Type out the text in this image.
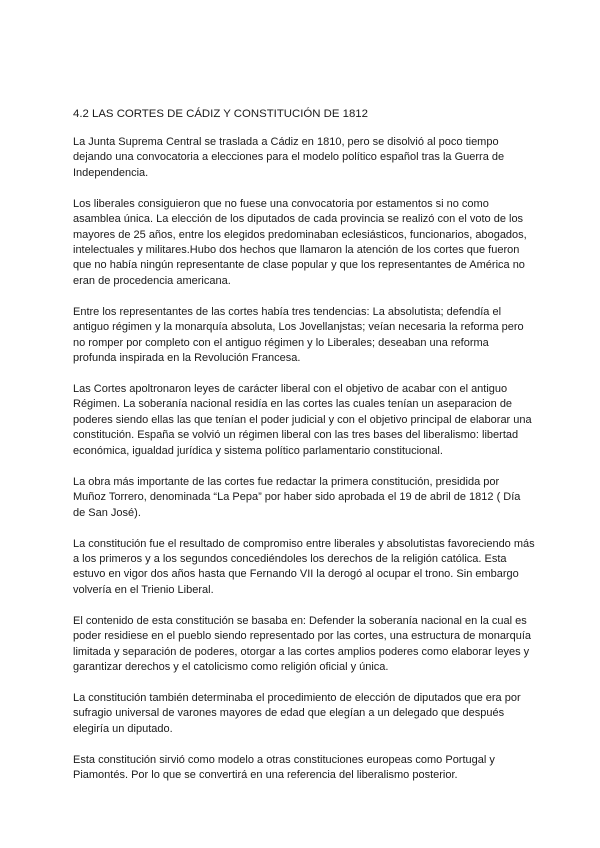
4.2 LAS CORTES DE CÁDIZ Y CONSTITUCIÓN DE 1812

La Junta Suprema Central se traslada a Cádiz en 1810, pero se disolvió al poco tiempo dejando una convocatoria a elecciones para el modelo político español tras la Guerra de Independencia.

Los liberales consiguieron que no fuese una convocatoria por estamentos si no como asamblea única. La elección de los diputados de cada provincia se realizó con el voto de los mayores de 25 años, entre los elegidos predominaban eclesiásticos, funcionarios, abogados, intelectuales y militares.Hubo dos hechos que llamaron la atención de los cortes que fueron que no había ningún representante de clase popular y que los representantes de América no eran de procedencia americana.

Entre los representantes de las cortes había tres tendencias: La absolutista; defendía el antiguo régimen y la monarquía absoluta, Los Jovellanjstas; veían necesaria la reforma pero no romper por completo con el antiguo régimen y lo Liberales; deseaban una reforma profunda inspirada en la Revolución Francesa.

Las Cortes apoltronaron leyes de carácter liberal con el objetivo de acabar con el antiguo Régimen. La soberanía nacional residía en las cortes las cuales tenían un aseparacion de poderes siendo ellas las que tenían el poder judicial y con el objetivo principal de elaborar una constitución. España se volvió un régimen liberal con las tres bases del liberalismo: libertad económica, igualdad jurídica y sistema político parlamentario constitucional.

La obra más importante de las cortes fue redactar la primera constitución, presidida por Muñoz Torrero, denominada “La Pepa” por haber sido aprobada el 19 de abril de 1812 ( Día de San José).

La constitución fue el resultado de compromiso entre liberales y absolutistas favoreciendo más a los primeros y a los segundos concediéndoles los derechos de la religión católica. Esta estuvo en vigor dos años hasta que Fernando VII la derogó al ocupar el trono. Sin embargo volvería en el Trienio Liberal.

El contenido de esta constitución se basaba en: Defender la soberanía nacional en la cual es poder residiese en el pueblo siendo representado por las cortes, una estructura de monarquía limitada y separación de poderes, otorgar a las cortes amplios poderes como elaborar leyes y garantizar derechos y el catolicismo como religión oficial y única.

La constitución también determinaba el procedimiento de elección de diputados que era por sufragio universal de varones mayores de edad que elegían a un delegado que después elegiría un diputado.

Esta constitución sirvió como modelo a otras constituciones europeas como Portugal y Piamontés. Por lo que se convertirá en una referencia del liberalismo posterior.
